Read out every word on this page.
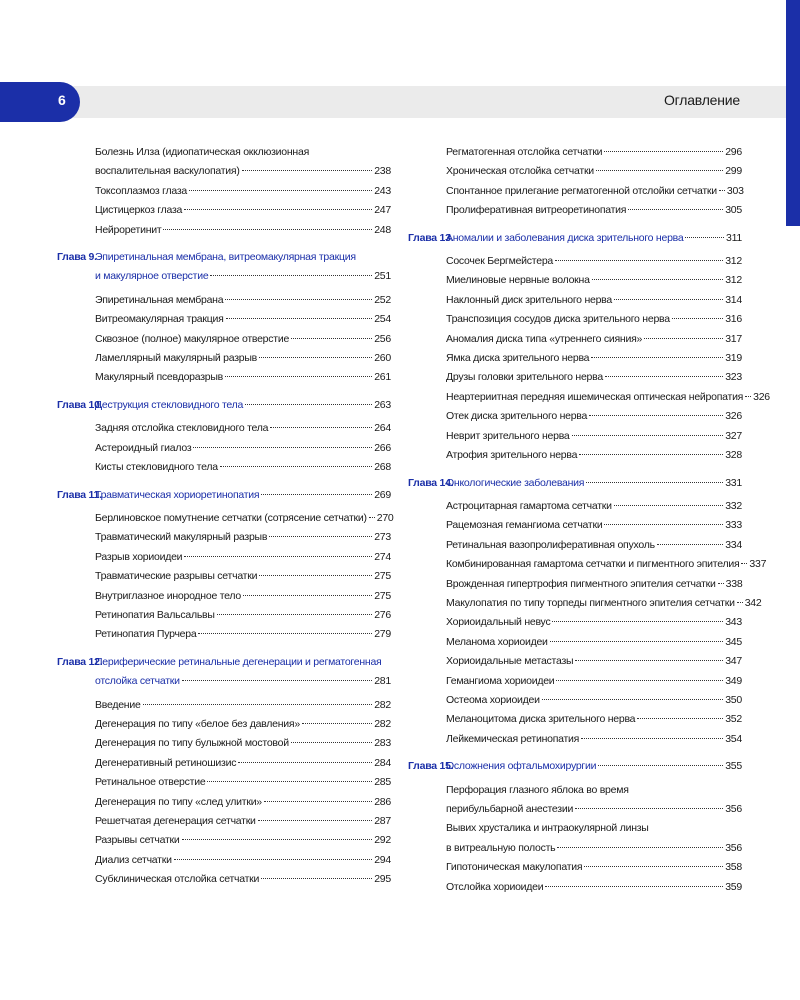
6	Оглавление
Болезнь Илза (идиопатическая окклюзионная
воспалительная васкулопатия)	238
Токсоплазмоз глаза	243
Цистицеркоз глаза	247
Нейроретинит	248
Глава 9.
Эпиретинальная мембрана, витреомакулярная тракция
и макулярное отверстие	251
Эпиретинальная мембрана	252
Витреомакулярная тракция	254
Сквозное (полное) макулярное отверстие	256
Ламеллярный макулярный разрыв	260
Макулярный псевдоразрыв	261
Глава 10.
Деструкция стекловидного тела	263
Задняя отслойка стекловидного тела	264
Астероидный гиалоз	266
Кисты стекловидного тела	268
Глава 11.
Травматическая хориоретинопатия	269
Берлиновское помутнение сетчатки (сотрясение сетчатки) 270
Травматический макулярный разрыв	273
Разрыв хориоидеи	274
Травматические разрывы сетчатки	275
Внутриглазное инородное тело	275
Ретинопатия Вальсальвы	276
Ретинопатия Пурчера	279
Глава 12.
Периферические ретинальные дегенерации и регматогенная
отслойка сетчатки	281
Введение	282
Дегенерация по типу «белое без давления»	282
Дегенерация по типу булыжной мостовой	283
Дегенеративный ретиношизис	284
Ретинальное отверстие	285
Дегенерация по типу «след улитки»	286
Решетчатая дегенерация сетчатки	287
Разрывы сетчатки	292
Диализ сетчатки	294
Субклиническая отслойка сетчатки	295
Регматогенная отслойка сетчатки	296
Хроническая отслойка сетчатки	299
Спонтанное прилегание регматогенной отслойки сетчатки 303
Пролиферативная витреоретинопатия	305
Глава 13.
Аномалии и заболевания диска зрительного нерва	311
Сосочек Бергмейстера	312
Миелиновые нервные волокна	312
Наклонный диск зрительного нерва	314
Транспозиция сосудов диска зрительного нерва	316
Аномалия диска типа «утреннего сияния»	317
Ямка диска зрительного нерва	319
Друзы головки зрительного нерва	323
Неартериитная передняя ишемическая оптическая нейропатия 326
Отек диска зрительного нерва	326
Неврит зрительного нерва	327
Атрофия зрительного нерва	328
Глава 14.
Онкологические заболевания	331
Астроцитарная гамартома сетчатки	332
Рацемозная гемангиома сетчатки	333
Ретинальная вазопролиферативная опухоль	334
Комбинированная гамартома сетчатки и пигментного эпителия 337
Врожденная гипертрофия пигментного эпителия сетчатки 338
Макулопатия по типу торпеды пигментного эпителия сетчатки 342
Хориоидальный невус	343
Меланома хориоидеи	345
Хориоидальные метастазы	347
Гемангиома хориоидеи	349
Остеома хориоидеи	350
Меланоцитома диска зрительного нерва	352
Лейкемическая ретинопатия	354
Глава 15.
Осложнения офтальмохирургии	355
Перфорация глазного яблока во время
перибульбарной анестезии	356
Вывих хрусталика и интраокулярной линзы
в витреальную полость	356
Гипотоническая макулопатия	358
Отслойка хориоидеи	359
